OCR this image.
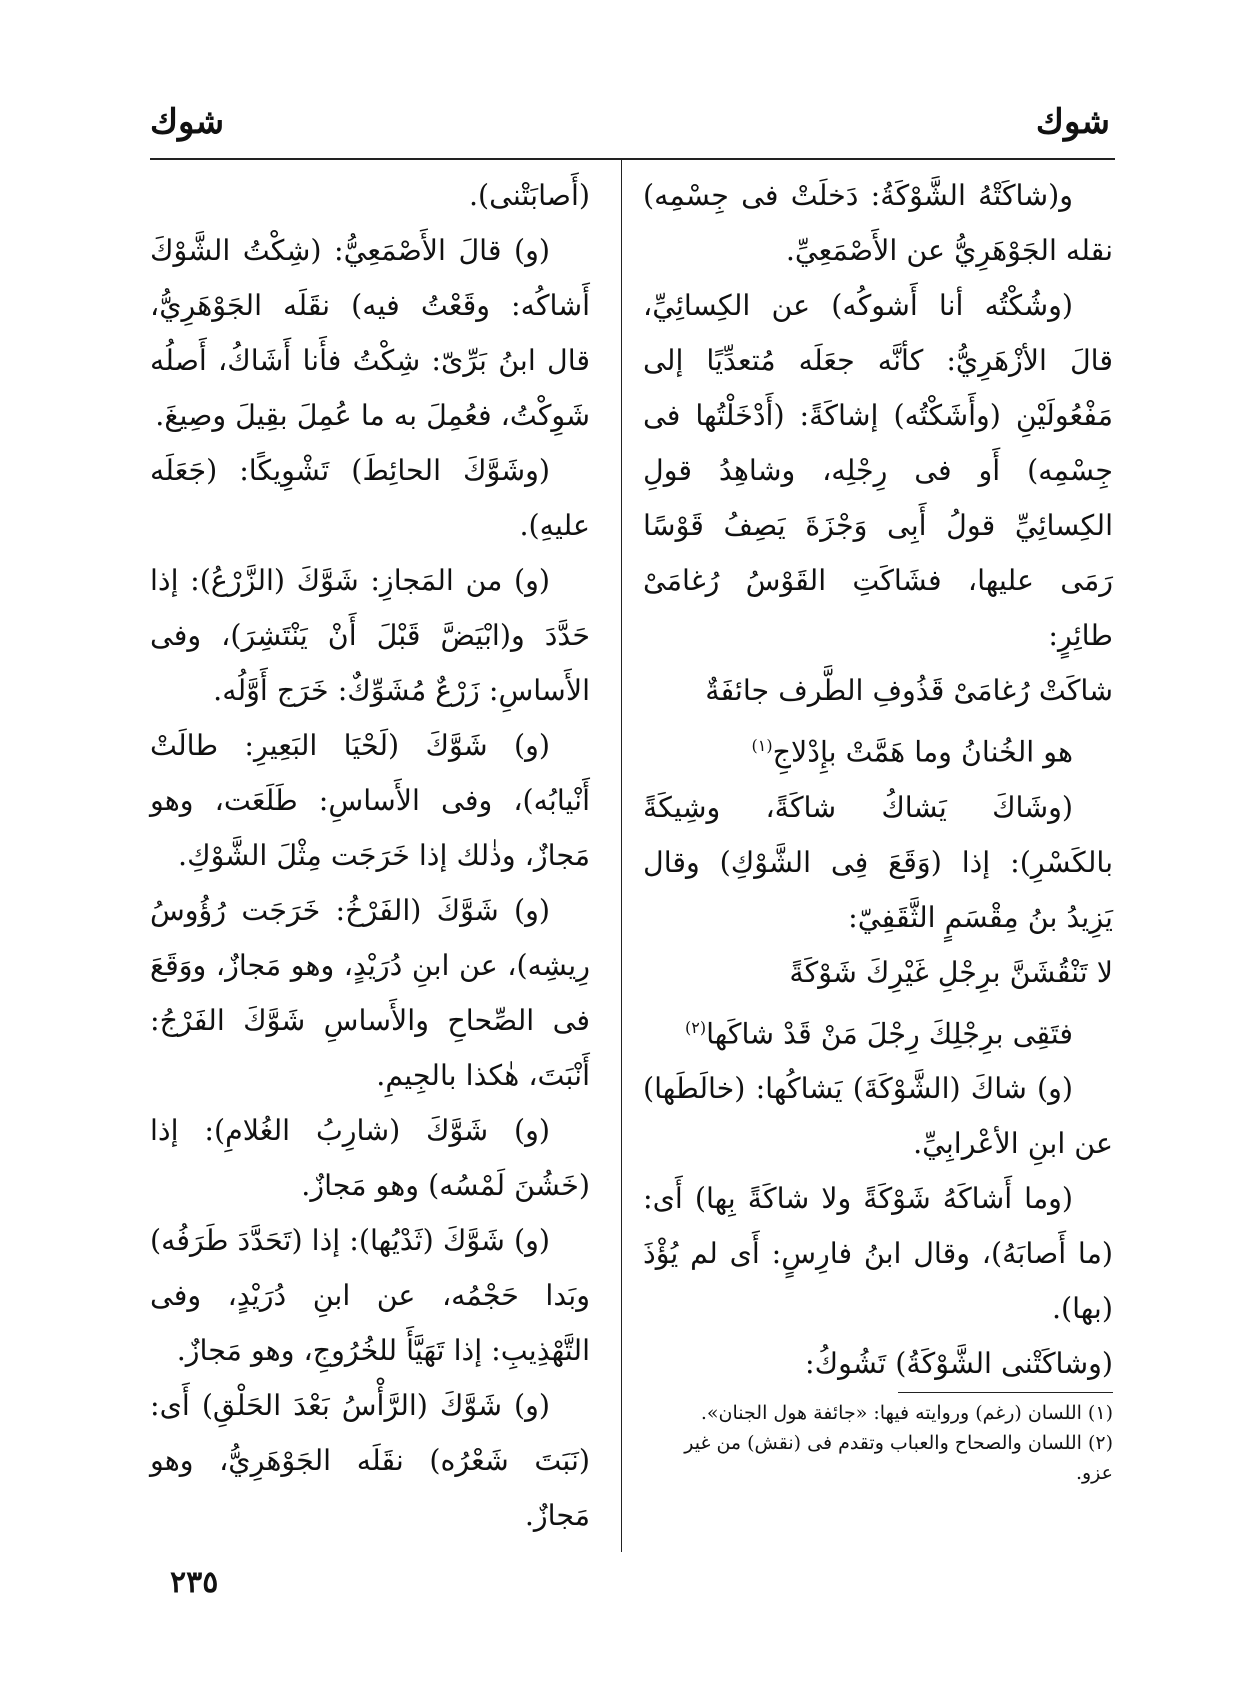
شوك
شوك

و(شاكَتْهُ الشَّوْكَةُ: دَخلَتْ فى جِسْمِه) نقله الجَوْهَرِيُّ عن الأَصْمَعِيِّ.

(وشُكْتُه أنا أَشوكُه) عن الكِسائِيِّ، قالَ الأزْهَرِيُّ: كأنَّه جعَلَه مُتعدِّيًا إلى مَفْعُولَيْنِ (وأَشَكْتُه) إشاكَةً: (أَدْخَلْتُها فى جِسْمِه) أَو فى رِجْلِه، وشاهِدُ قولِ الكِسائِيِّ قولُ أَبِى وَجْزَةَ يَصِفُ قَوْسًا رَمَى عليها، فشَاكَتِ القَوْسُ رُغامَىْ طائِرٍ:

شاكَتْ رُغامَىْ قَذُوفِ الطَّرف جائفَةٌ

هو الخُنانُ وما هَمَّتْ بإِدْلاجِ$^{(١)}$

(وشَاكَ يَشاكُ شاكَةً، وشِيكَةً بالكَسْرِ): إذا (وَقَعَ فِى الشَّوْكِ) وقال يَزِيدُ بنُ مِقْسَمٍ الثَّقَفِيّ:

لا تَنْقُشَنَّ برِجْلِ غَيْرِكَ شَوْكَةً

فتَقِى برِجْلِكَ رِجْلَ مَنْ قَدْ شاكَها$^{(٢)}$

(و) شاكَ (الشَّوْكَةَ) يَشاكُها: (خالَطَها) عن ابنِ الأعْرابِيِّ.

(وما أَشاكَهُ شَوْكَةً ولا شاكَةً بِها) أَى: (ما أَصابَهُ)، وقال ابنُ فارِسٍ: أَى لم يُؤْذَ (بها).

(وشاكَتْنى الشَّوْكَةُ) تَشُوكُ:

(أَصابَتْنى).

(و) قالَ الأَصْمَعِيُّ: (شِكْتُ الشَّوْكَ أَشاكُه: وقَعْتُ فيه) نقَلَه الجَوْهَرِيُّ، قال ابنُ بَرِّىّ: شِكْتُ فأَنا أَشَاكُ، أَصلُه شَوِكْتُ، فعُمِلَ به ما عُمِلَ بقِيلَ وصِيغَ.

(وشَوَّكَ الحائِطَ) تَشْوِيكًا: (جَعَلَه عليهِ).

(و) من المَجازِ: شَوَّكَ (الزَّرْعُ): إذا حَدَّدَ و(ابْيَضَّ قَبْلَ أَنْ يَنْتَشِرَ)، وفى الأَساسِ: زَرْعٌ مُشَوِّكٌ: خَرَج أَوَّلُه.

(و) شَوَّكَ (لَحْيَا البَعِيرِ: طالَتْ أَنْيابُه)، وفى الأَساسِ: طَلَعَت، وهو مَجازٌ، وذٰلك إذا خَرَجَت مِثْلَ الشَّوْكِ.

(و) شَوَّكَ (الفَرْخُ: خَرَجَت رُؤُوسُ رِيشِه)، عن ابنِ دُرَيْدٍ، وهو مَجازٌ، ووَقَعَ فى الصِّحاحِ والأَساسِ شَوَّكَ الفَرْجُ: أَنْبَتَ، هٰكذا بالجِيمِ.

(و) شَوَّكَ (شارِبُ الغُلامِ): إذا (خَشُنَ لَمْسُه) وهو مَجازٌ.

(و) شَوَّكَ (ثَدْيُها): إذا (تَحَدَّدَ طَرَفُه) وبَدا حَجْمُه، عن ابنِ دُرَيْدٍ، وفى التَّهْذِيبِ: إذا تَهَيَّأَ للخُرُوجِ، وهو مَجازٌ.

(و) شَوَّكَ (الرَّأْسُ بَعْدَ الحَلْقِ) أَى: (نَبَتَ شَعْرُه) نقَلَه الجَوْهَرِيُّ، وهو مَجازٌ.

(١) اللسان (رغم) وروايته فيها: «جائفة هول الجنان».

(٢) اللسان والصحاح والعباب وتقدم فى (نقش) من غير عزو.

٢٣٥
